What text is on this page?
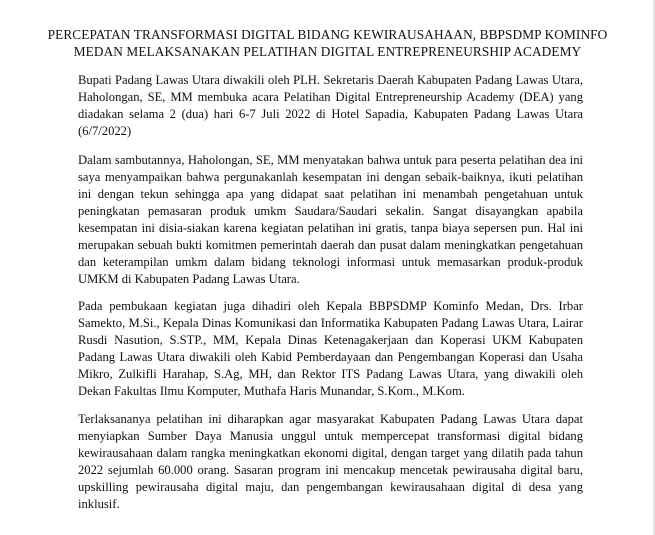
PERCEPATAN TRANSFORMASI DIGITAL BIDANG KEWIRAUSAHAAN, BBPSDMP KOMINFO
MEDAN MELAKSANAKAN PELATIHAN DIGITAL ENTREPRENEURSHIP ACADEMY

Bupati Padang Lawas Utara diwakili oleh PLH. Sekretaris Daerah Kabupaten Padang Lawas Utara, Haholongan, SE, MM membuka acara Pelatihan Digital Entrepreneurship Academy (DEA) yang diadakan selama 2 (dua) hari 6-7 Juli 2022 di Hotel Sapadia, Kabupaten Padang Lawas Utara (6/7/2022)

Dalam sambutannya, Haholongan, SE, MM menyatakan bahwa untuk para peserta pelatihan dea ini saya menyampaikan bahwa pergunakanlah kesempatan ini dengan sebaik-baiknya, ikuti pelatihan ini dengan tekun sehingga apa yang didapat saat pelatihan ini menambah pengetahuan untuk peningkatan pemasaran produk umkm Saudara/Saudari sekalin. Sangat disayangkan apabila kesempatan ini disia-siakan karena kegiatan pelatihan ini gratis, tanpa biaya sepersen pun. Hal ini merupakan sebuah bukti komitmen pemerintah daerah dan pusat dalam meningkatkan pengetahuan dan keterampilan umkm dalam bidang teknologi informasi untuk memasarkan produk-produk UMKM di Kabupaten Padang Lawas Utara.

Pada pembukaan kegiatan juga dihadiri oleh Kepala BBPSDMP Kominfo Medan, Drs. Irbar Samekto, M.Si., Kepala Dinas Komunikasi dan Informatika Kabupaten Padang Lawas Utara, Lairar Rusdi Nasution, S.STP., MM, Kepala Dinas Ketenagakerjaan dan Koperasi UKM Kabupaten Padang Lawas Utara diwakili oleh Kabid Pemberdayaan dan Pengembangan Koperasi dan Usaha Mikro, Zulkifli Harahap, S.Ag, MH, dan Rektor ITS Padang Lawas Utara, yang diwakili oleh Dekan Fakultas Ilmu Komputer, Muthafa Haris Munandar, S.Kom., M.Kom.

Terlaksananya pelatihan ini diharapkan agar masyarakat Kabupaten Padang Lawas Utara dapat menyiapkan Sumber Daya Manusia unggul untuk mempercepat transformasi digital bidang kewirausahaan dalam rangka meningkatkan ekonomi digital, dengan target yang dilatih pada tahun 2022 sejumlah 60.000 orang. Sasaran program ini mencakup mencetak pewirausaha digital baru, upskilling pewirausaha digital maju, dan pengembangan kewirausahaan digital di desa yang inklusif.
